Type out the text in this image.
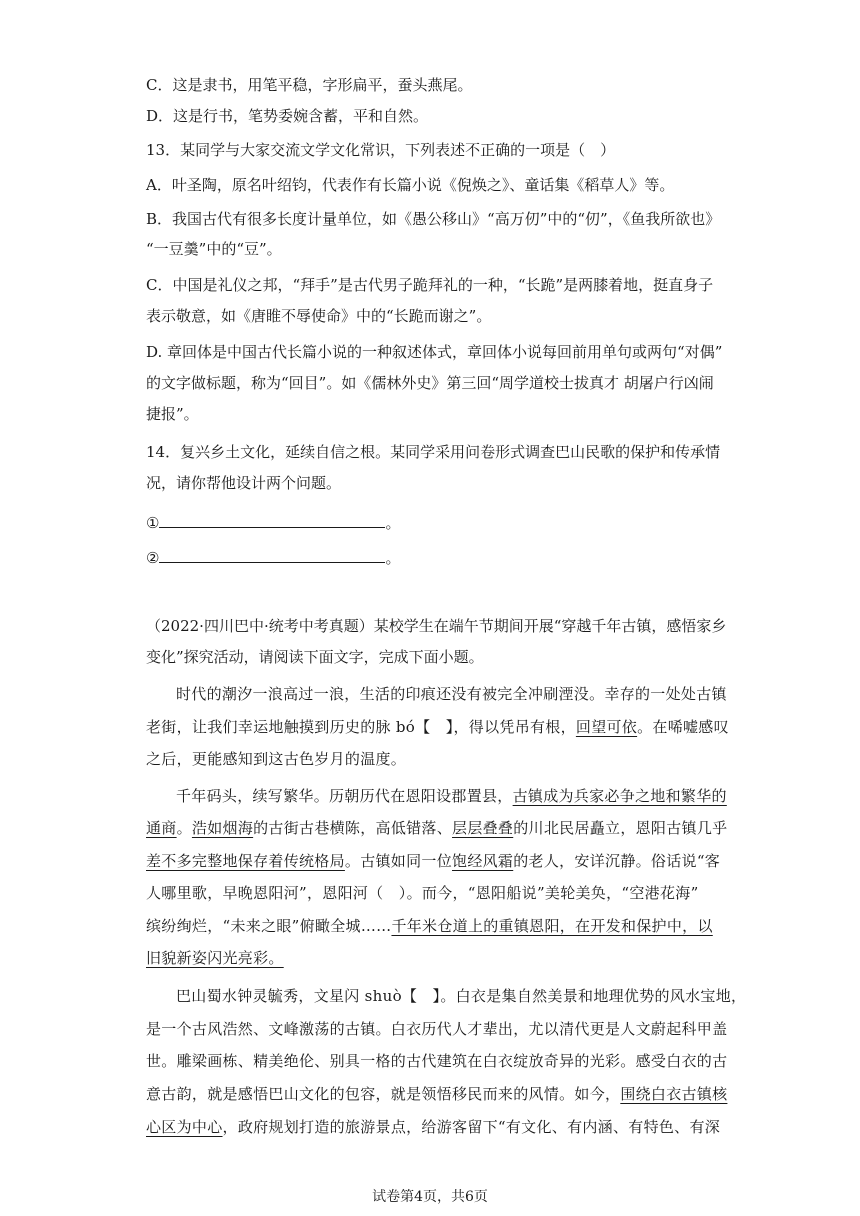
C．这是隶书，用笔平稳，字形扁平，蚕头燕尾。
D．这是行书，笔势委婉含蓄，平和自然。
13．某同学与大家交流文学文化常识，下列表述不正确的一项是（　）
A．叶圣陶，原名叶绍钧，代表作有长篇小说《倪焕之》、童话集《稻草人》等。
B．我国古代有很多长度计量单位，如《愚公移山》“高万仞”中的“仞”，《鱼我所欲也》
“一豆羹”中的“豆”。
C．中国是礼仪之邦，“拜手”是古代男子跪拜礼的一种，“长跪”是两膝着地，挺直身子
表示敬意，如《唐睢不辱使命》中的“长跪而谢之”。
D. 章回体是中国古代长篇小说的一种叙述体式，章回体小说每回前用单句或两句“对偶”
的文字做标题，称为“回目”。如《儒林外史》第三回“周学道校士拔真才 胡屠户行凶闹
捷报”。
14．复兴乡土文化，延续自信之根。某同学采用问卷形式调查巴山民歌的保护和传承情
况，请你帮他设计两个问题。
①	。
②	。
（2022·四川巴中·统考中考真题）某校学生在端午节期间开展“穿越千年古镇，感悟家乡
变化”探究活动，请阅读下面文字，完成下面小题。
时代的潮汐一浪高过一浪，生活的印痕还没有被完全冲刷湮没。幸存的一处处古镇
老街，让我们幸运地触摸到历史的脉 bó【　】，得以凭吊有根，回望可依。在唏嘘感叹
之后，更能感知到这古色岁月的温度。
千年码头，续写繁华。历朝历代在恩阳设郡置县，古镇成为兵家必争之地和繁华的
通商。浩如烟海的古街古巷横陈，高低错落、层层叠叠的川北民居矗立，恩阳古镇几乎
差不多完整地保存着传统格局。古镇如同一位饱经风霜的老人，安详沉静。俗话说“客
人哪里歌，早晚恩阳河”，恩阳河（　）。而今，“恩阳船说”美轮美奂，“空港花海”
缤纷绚烂，“未来之眼”俯瞰全城……千年米仓道上的重镇恩阳，在开发和保护中，以
旧貌新姿闪光亮彩。
巴山蜀水钟灵毓秀，文星闪 shuò【　】。白衣是集自然美景和地理优势的风水宝地，
是一个古风浩然、文峰激荡的古镇。白衣历代人才辈出，尤以清代更是人文蔚起科甲盖
世。雕梁画栋、精美绝伦、别具一格的古代建筑在白衣绽放奇异的光彩。感受白衣的古
意古韵，就是感悟巴山文化的包容，就是领悟移民而来的风情。如今，围绕白衣古镇核
心区为中心，政府规划打造的旅游景点，给游客留下“有文化、有内涵、有特色、有深
试卷第4页，共6页
